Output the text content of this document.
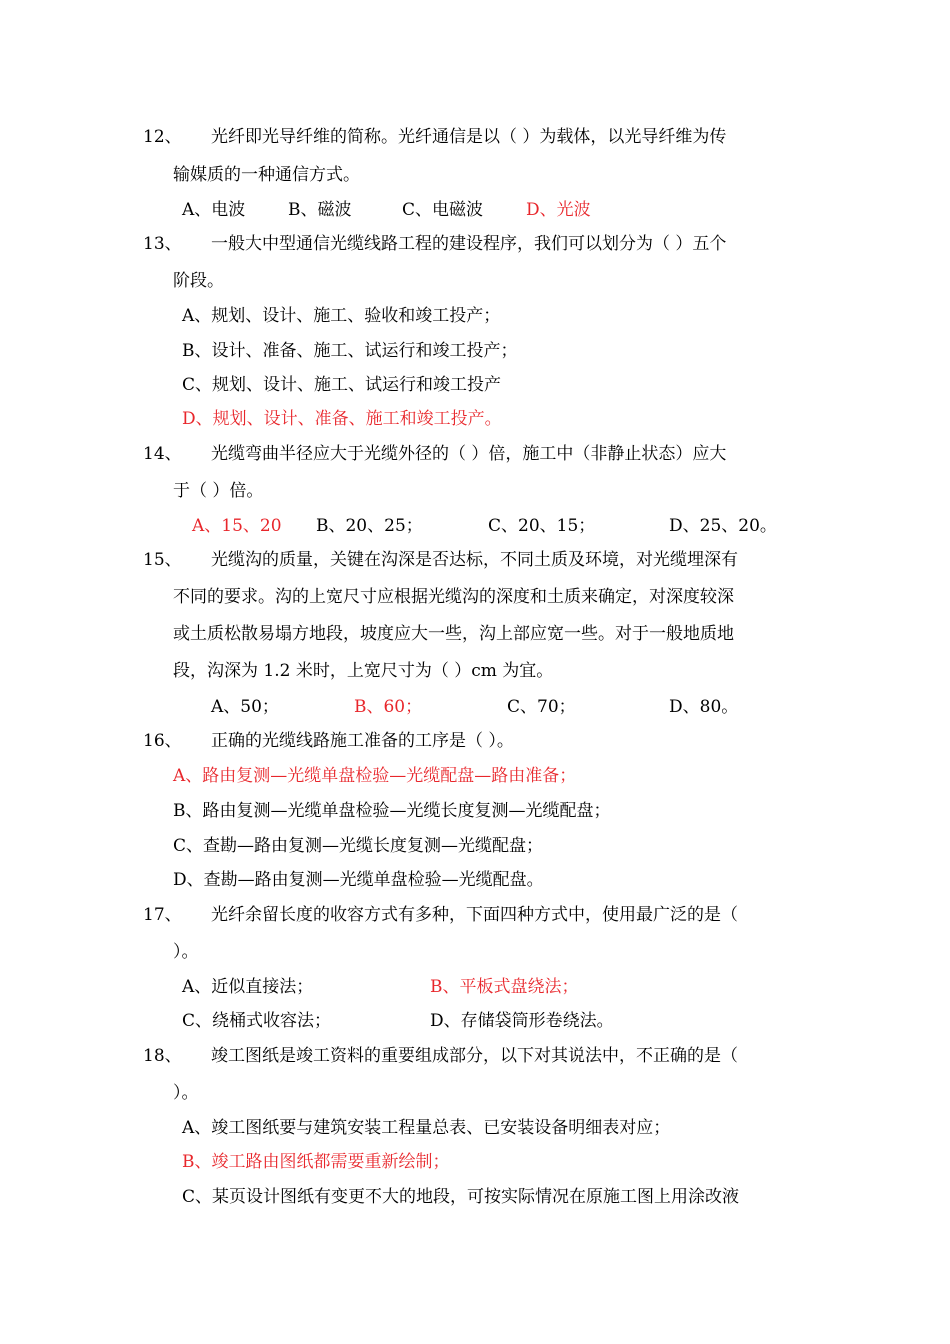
12、 光纤即光导纤维的简称。光纤通信是以（ ）为载体，以光导纤维为传
输媒质的一种通信方式。
A、电波	B、磁波	C、电磁波	D、光波
13、 一般大中型通信光缆线路工程的建设程序，我们可以划分为（ ）五个
阶段。
A、规划、设计、施工、验收和竣工投产；
B、设计、准备、施工、试运行和竣工投产；
C、规划、设计、施工、试运行和竣工投产
D、规划、设计、准备、施工和竣工投产。
14、 光缆弯曲半径应大于光缆外径的（ ）倍，施工中（非静止状态）应大
于（ ）倍。
A、15、20 B、20、25；	C、20、15；	D、25、20。
15、 光缆沟的质量，关键在沟深是否达标，不同土质及环境，对光缆埋深有
不同的要求。沟的上宽尺寸应根据光缆沟的深度和土质来确定，对深度较深
或土质松散易塌方地段，坡度应大一些，沟上部应宽一些。对于一般地质地
段，沟深为 1.2 米时，上宽尺寸为（ ）cm 为宜。
A、50；	B、60；	C、70；	D、80。
16、 正确的光缆线路施工准备的工序是（ ）。
A、路由复测—光缆单盘检验—光缆配盘—路由准备；
B、路由复测—光缆单盘检验—光缆长度复测—光缆配盘；
C、查勘—路由复测—光缆长度复测—光缆配盘；
D、查勘—路由复测—光缆单盘检验—光缆配盘。
17、 光纤余留长度的收容方式有多种，下面四种方式中，使用最广泛的是（
）。
A、近似直接法；	B、平板式盘绕法；
C、绕桶式收容法；	D、存储袋筒形卷绕法。
18、 竣工图纸是竣工资料的重要组成部分，以下对其说法中，不正确的是（
）。
A、竣工图纸要与建筑安装工程量总表、已安装设备明细表对应；
B、竣工路由图纸都需要重新绘制；
C、某页设计图纸有变更不大的地段，可按实际情况在原施工图上用涂改液
